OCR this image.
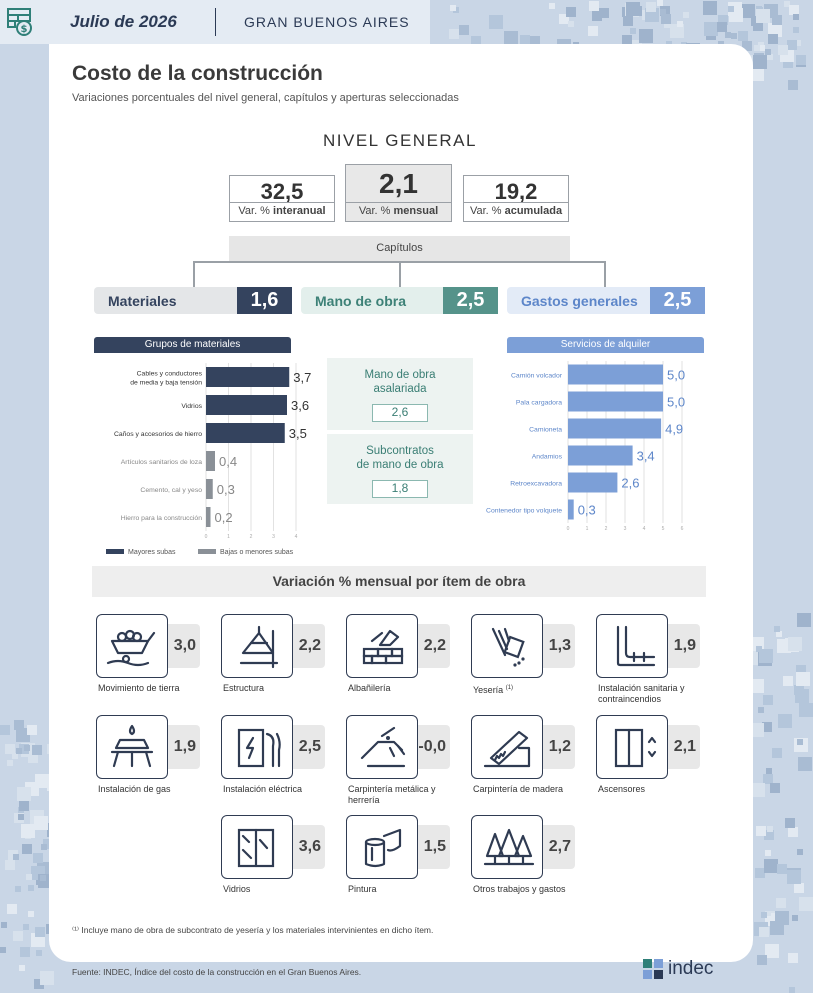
$	Julio de 2026	GRAN BUENOS AIRES
Costo de la construcción
Variaciones porcentuales del nivel general, capítulos y aperturas seleccionadas
NIVEL GENERAL
32,5
Var. % interanual
2,1
Var. % mensual
19,2
Var. % acumulada
Capítulos
Materiales	1,6	Mano de obra	2,5	Gastos generales	2,5
Grupos de materiales	Servicios de alquiler
0	1	2	3	4
Cables y conductores
de media y baja tensión	3,7
Vidrios	3,6
Caños y accesorios de hierro	3,5
Artículos sanitarios de loza 0,4
Cemento, cal y yeso 0,3
Hierro para la construcción 0,2
Mayores subas	Bajas o menores subas
0	1	2	3	4	5	6
Camión volcador	5,0
Pala cargadora	5,0
Camioneta	4,9
Andamios	3,4
Retroexcavadora	2,6
Contenedor tipo volquete 0,3
Mano de obra
asalariada
2,6
Subcontratos
de mano de obra
1,8
Variación % mensual por ítem de obra
3,0
Movimiento de tierra
2,2
Estructura
2,2
Albañilería
1,3
Yesería $^{(1)}$
1,9
Instalación sanitaria y contraincendios
1,9
Instalación de gas
2,5
Instalación eléctrica
-0,0
Carpintería metálica y herrería
1,2
Carpintería de madera
2,1
Ascensores
3,6
Vidrios
1,5
Pintura
2,7
Otros trabajos y gastos
⁽¹⁾ Incluye mano de obra de subcontrato de yesería y los materiales intervinientes en dicho ítem.
Fuente: INDEC, Índice del costo de la construcción en el Gran Buenos Aires.	indec
